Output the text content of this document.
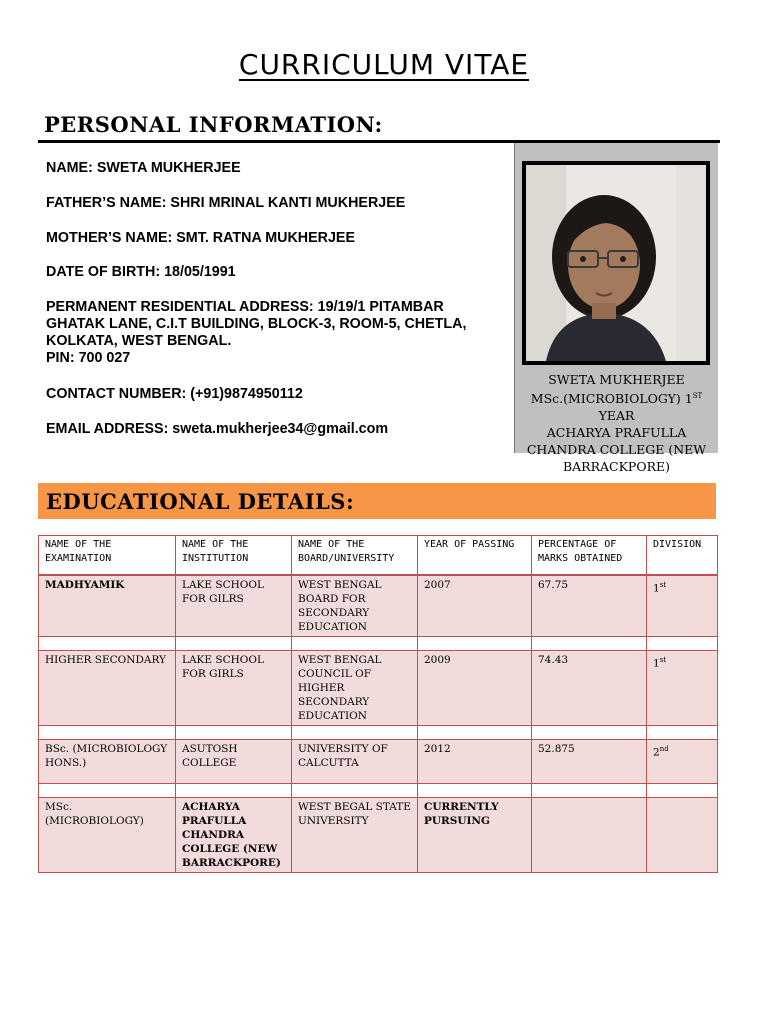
CURRICULUM VITAE
PERSONAL INFORMATION:
NAME: SWETA MUKHERJEE
FATHER’S NAME: SHRI MRINAL KANTI MUKHERJEE
MOTHER’S NAME: SMT. RATNA MUKHERJEE
DATE OF BIRTH: 18/05/1991
PERMANENT RESIDENTIAL ADDRESS: 19/19/1 PITAMBAR
GHATAK LANE, C.I.T BUILDING, BLOCK-3, ROOM-5, CHETLA,
KOLKATA, WEST BENGAL.
PIN: 700 027
CONTACT NUMBER: (+91)9874950112
EMAIL ADDRESS: sweta.mukherjee34@gmail.com
SWETA MUKHERJEE
MSc.(MICROBIOLOGY) 1ST YEAR
ACHARYA PRAFULLA
CHANDRA COLLEGE (NEW
BARRACKPORE)
EDUCATIONAL DETAILS:
NAME OF THE EXAMINATION	NAME OF THE INSTITUTION	NAME OF THE BOARD/UNIVERSITY	YEAR OF PASSING	PERCENTAGE OF MARKS OBTAINED	DIVISION
MADHYAMIK	LAKE SCHOOL FOR GILRS	WEST BENGAL BOARD FOR SECONDARY EDUCATION	2007	67.75	1st

HIGHER SECONDARY	LAKE SCHOOL FOR GIRLS	WEST BENGAL COUNCIL OF HIGHER SECONDARY EDUCATION	2009	74.43	1st

BSc. (MICROBIOLOGY HONS.)	ASUTOSH COLLEGE	UNIVERSITY OF CALCUTTA	2012	52.875	2nd

MSc. (MICROBIOLOGY)	ACHARYA PRAFULLA CHANDRA COLLEGE (NEW BARRACKPORE)	WEST BEGAL STATE UNIVERSITY	CURRENTLY PURSUING		
